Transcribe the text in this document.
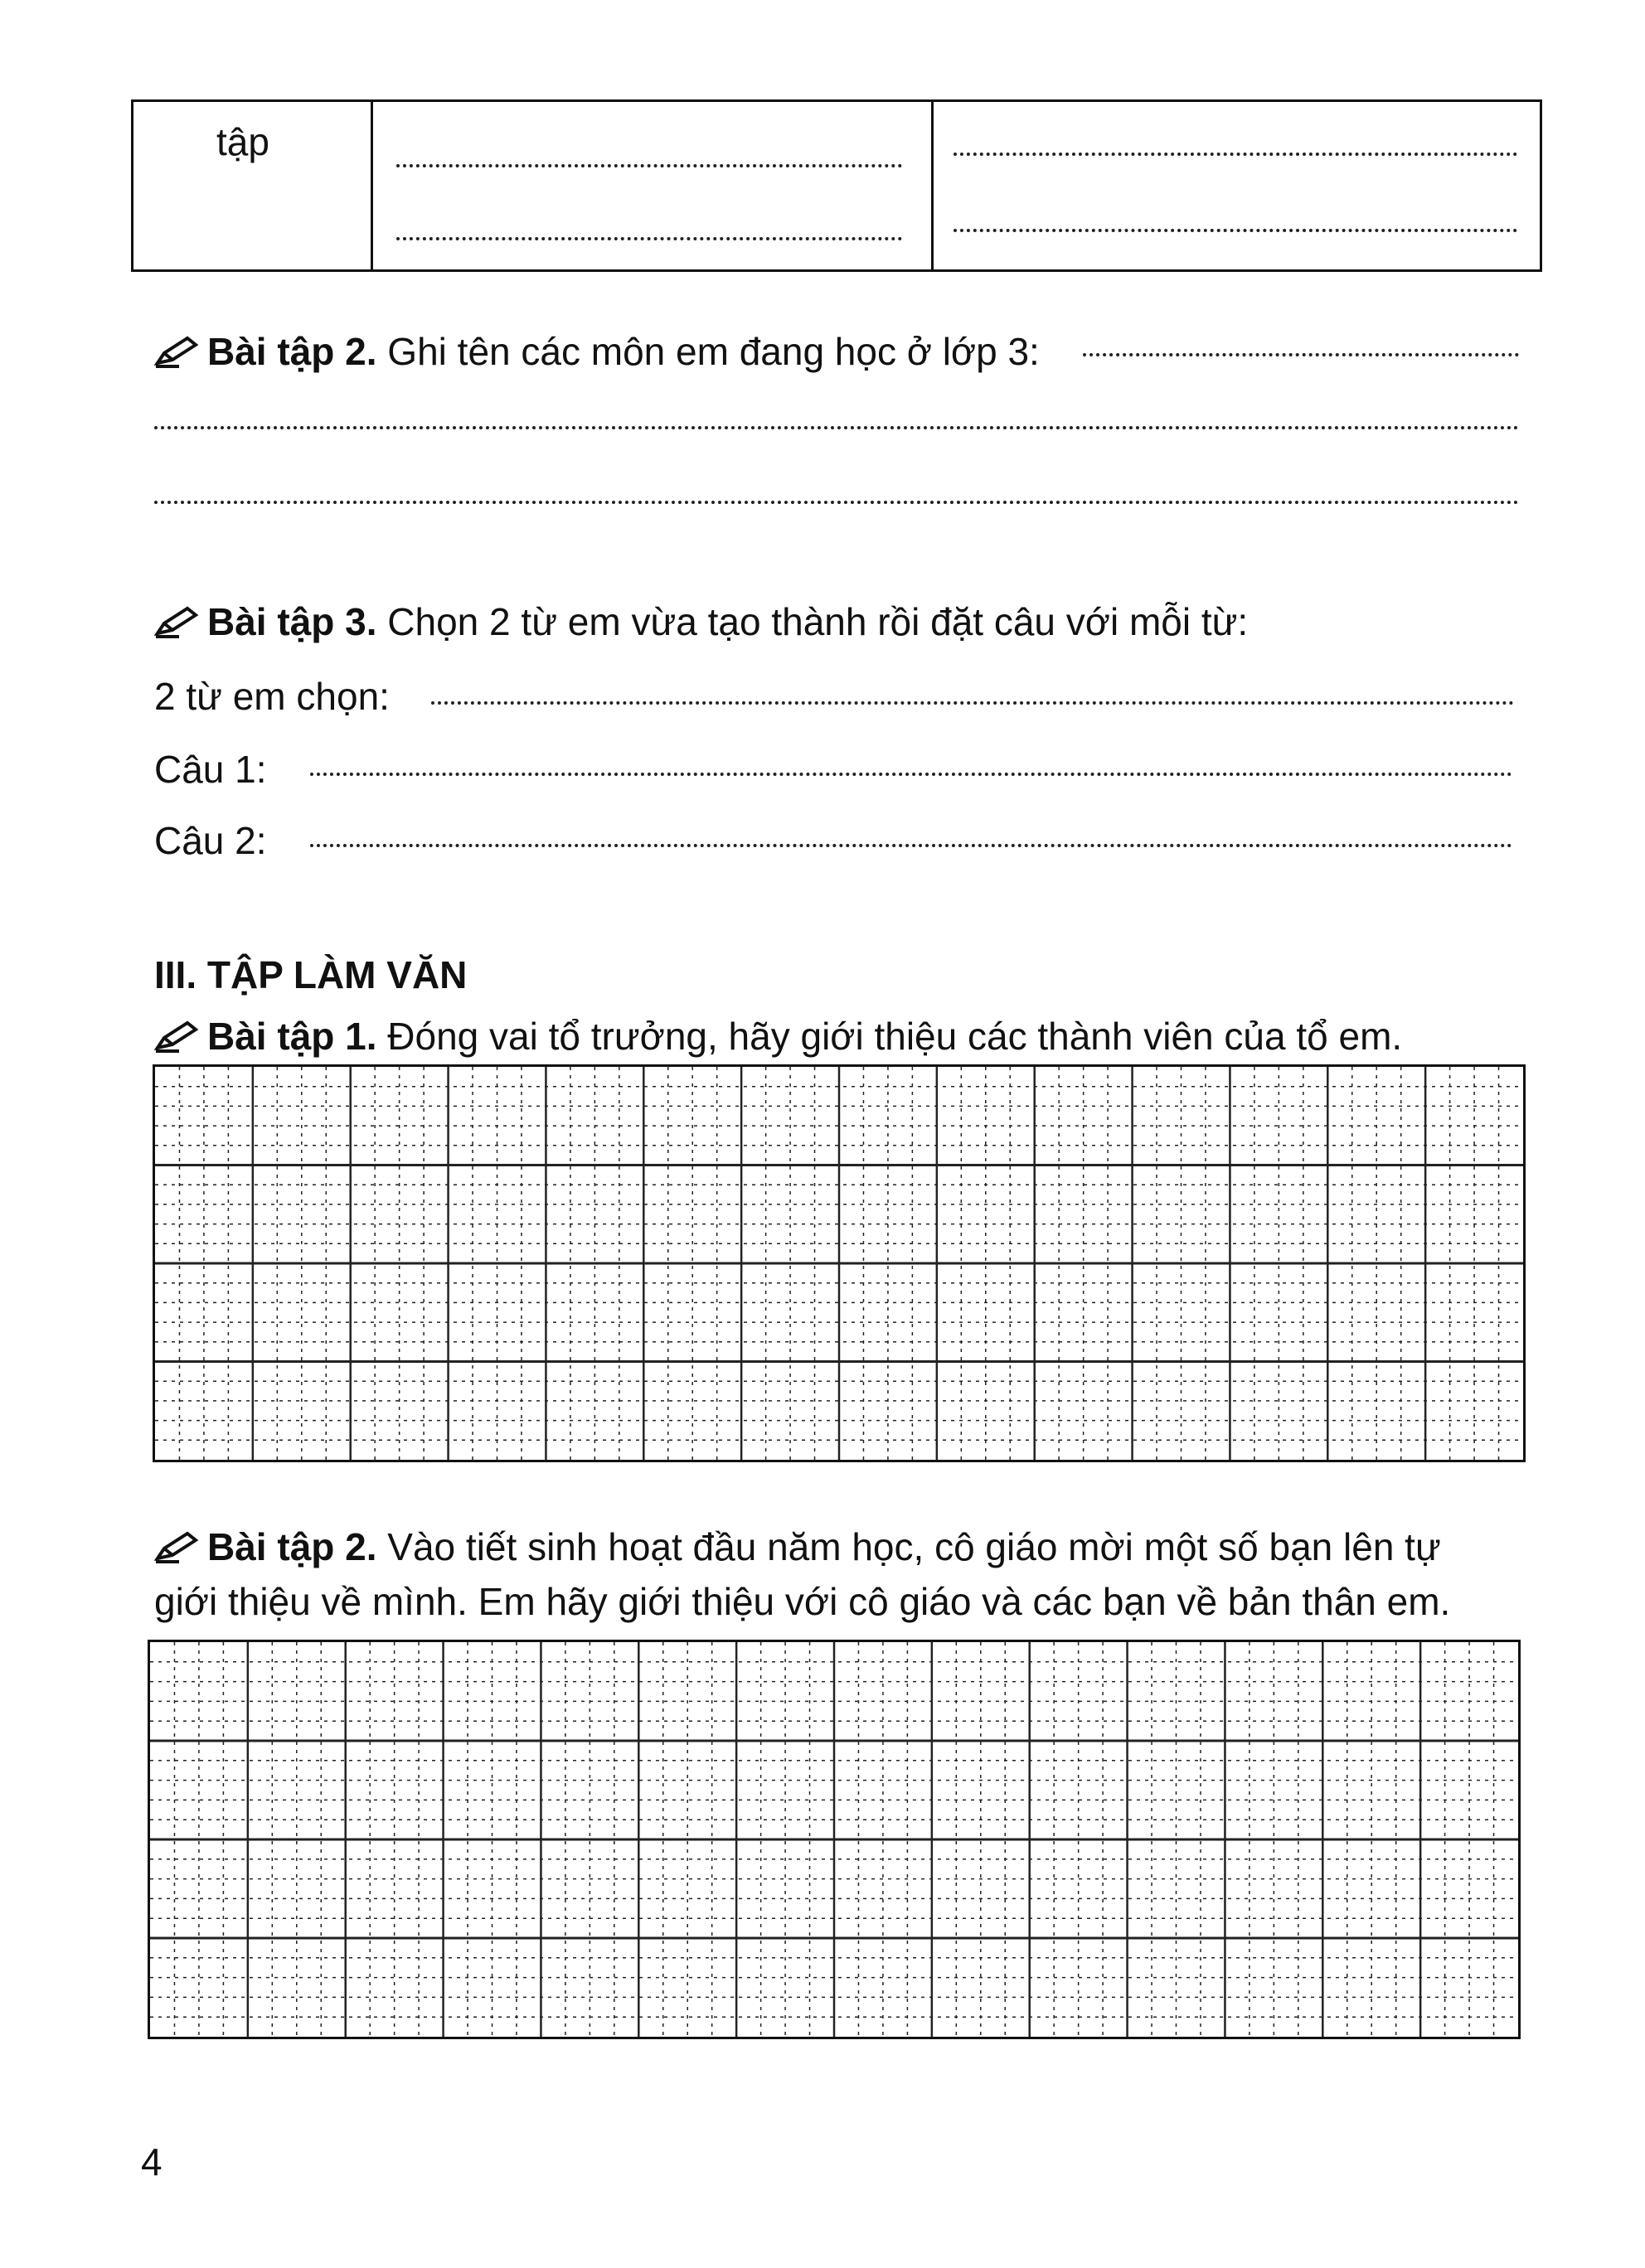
tập
Bài tập 2. Ghi tên các môn em đang học ở lớp 3:
Bài tập 3. Chọn 2 từ em vừa tạo thành rồi đặt câu với mỗi từ:
2 từ em chọn:
Câu 1:
Câu 2:
III. TẬP LÀM VĂN
Bài tập 1. Đóng vai tổ trưởng, hãy giới thiệu các thành viên của tổ em.
Bài tập 2. Vào tiết sinh hoạt đầu năm học, cô giáo mời một số bạn lên tự
giới thiệu về mình. Em hãy giới thiệu với cô giáo và các bạn về bản thân em.
4
